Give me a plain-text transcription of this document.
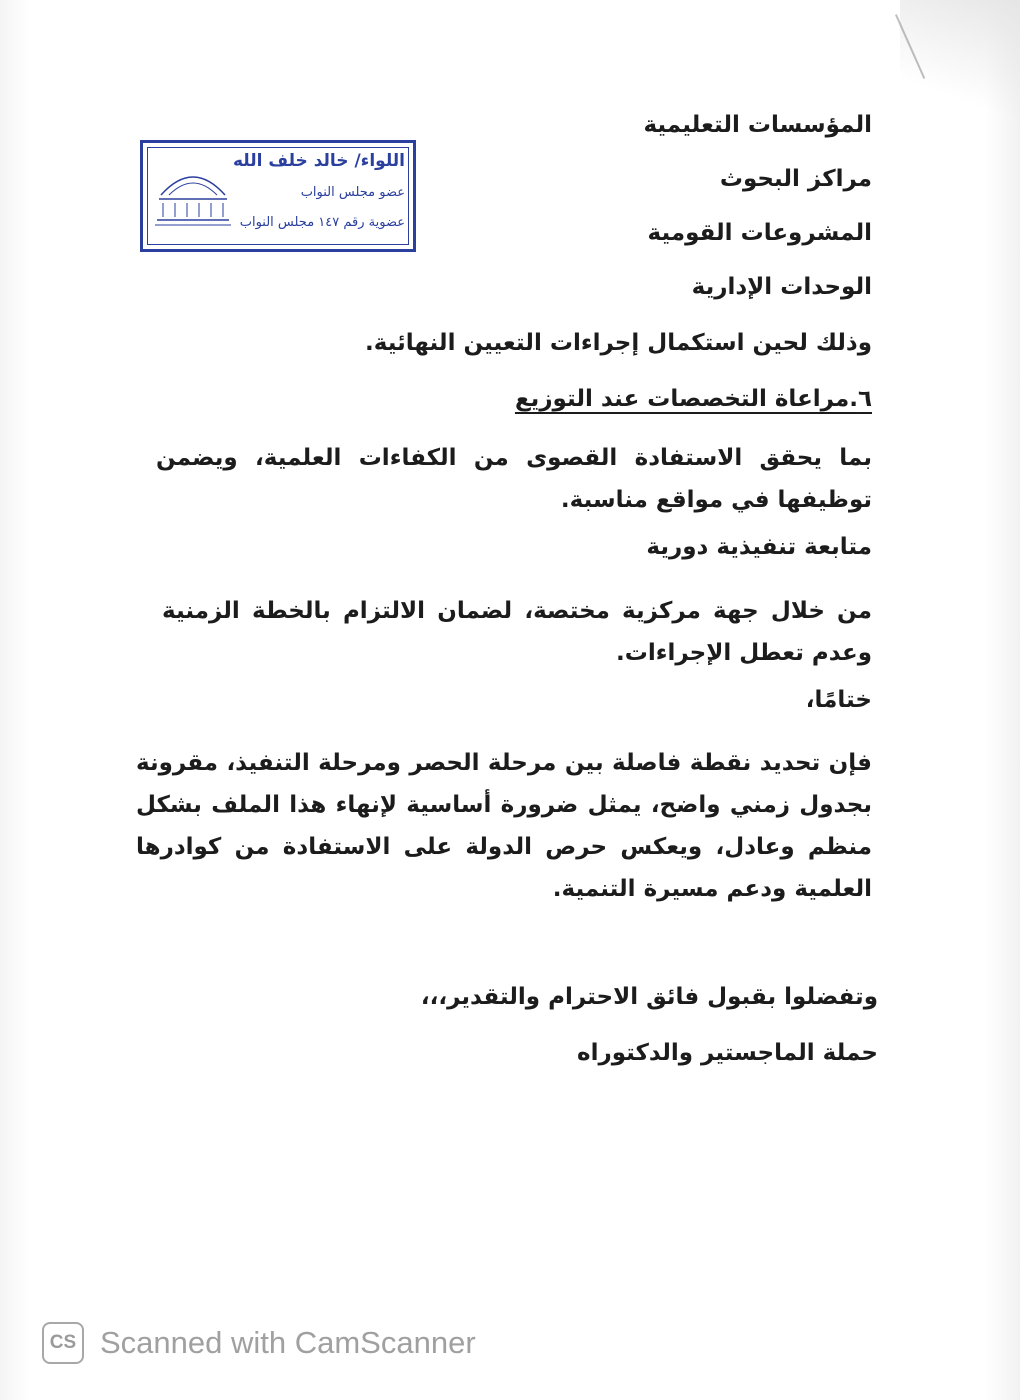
اللواء/ خالد خلف الله
عضو مجلس النواب
عضوية رقم ١٤٧ مجلس النواب
المؤسسات التعليمية
مراكز البحوث
المشروعات القومية
الوحدات الإدارية
وذلك لحين استكمال إجراءات التعيين النهائية.
٦.مراعاة التخصصات عند التوزيع
بما يحقق الاستفادة القصوى من الكفاءات العلمية، ويضمن توظيفها في مواقع مناسبة.
متابعة تنفيذية دورية
من خلال جهة مركزية مختصة، لضمان الالتزام بالخطة الزمنية وعدم تعطل الإجراءات.
ختامًا،
فإن تحديد نقطة فاصلة بين مرحلة الحصر ومرحلة التنفيذ، مقرونة بجدول زمني واضح، يمثل ضرورة أساسية لإنهاء هذا الملف بشكل منظم وعادل، ويعكس حرص الدولة على الاستفادة من كوادرها العلمية ودعم مسيرة التنمية.
وتفضلوا بقبول فائق الاحترام والتقدير،،،
حملة الماجستير والدكتوراه
CS Scanned with CamScanner
